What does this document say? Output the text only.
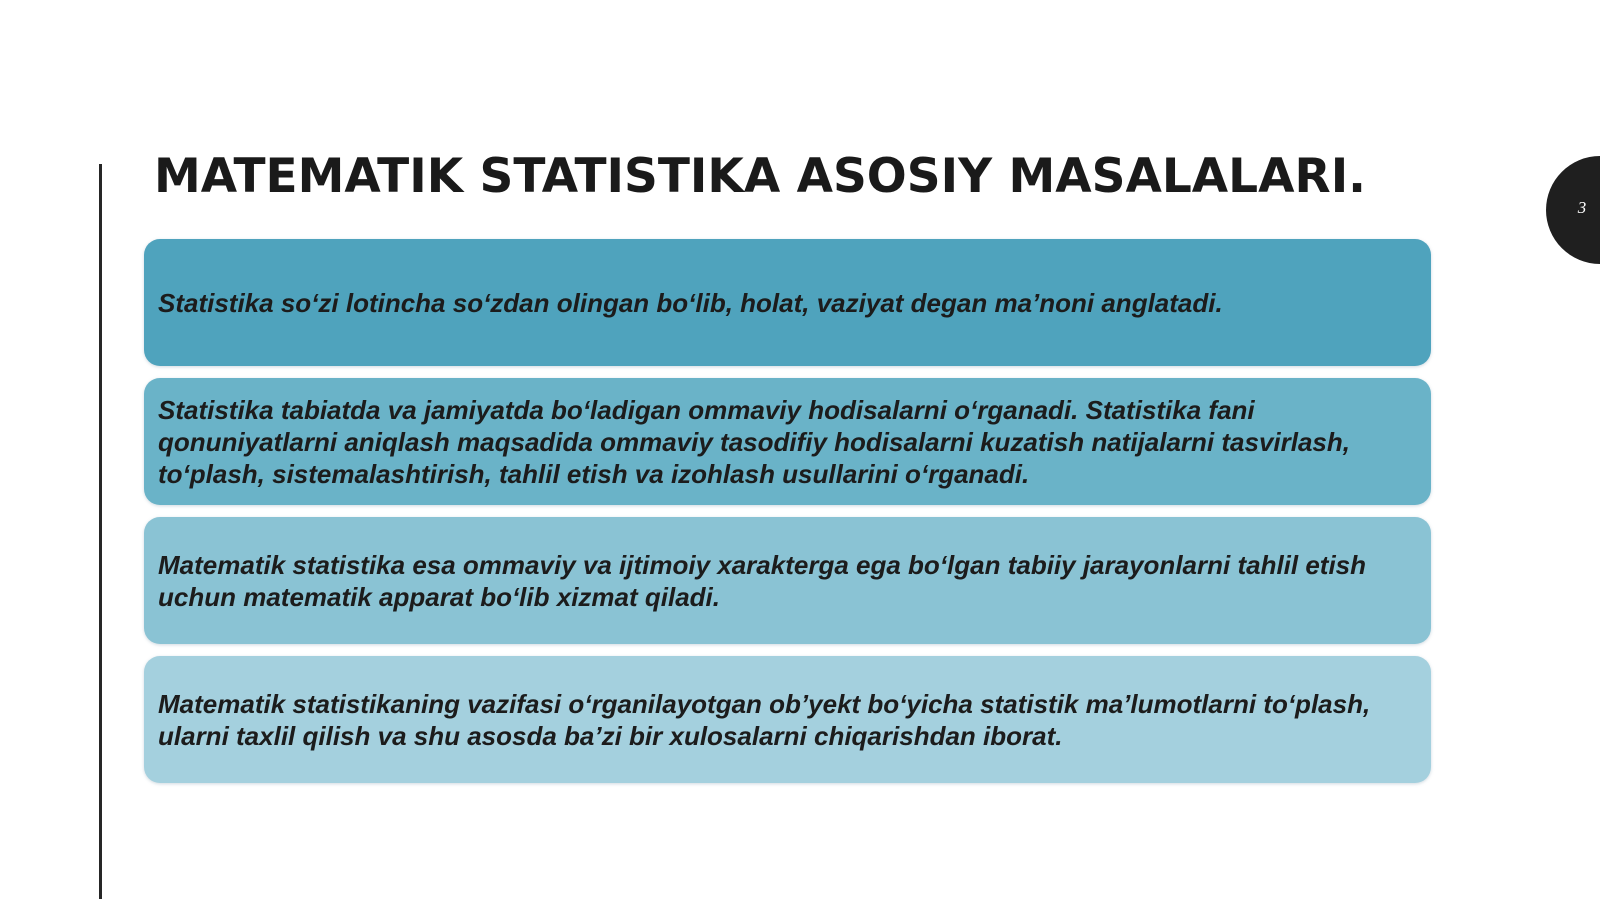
MATEMATIK STATISTIKA ASOSIY MASALALARI.
3
Statistika so‘zi lotincha so‘zdan olingan bo‘lib, holat, vaziyat degan ma’noni anglatadi.
Statistika tabiatda va jamiyatda bo‘ladigan ommaviy hodisalarni o‘rganadi. Statistika fani qonuniyatlarni aniqlash maqsadida ommaviy tasodifiy hodisalarni kuzatish natijalarni tasvirlash, to‘plash, sistemalashtirish, tahlil etish va izohlash usullarini o‘rganadi.
Matematik statistika esa ommaviy va ijtimoiy xarakterga ega bo‘lgan tabiiy jarayonlarni tahlil etish uchun matematik apparat bo‘lib xizmat qiladi.
Matematik statistikaning vazifasi o‘rganilayotgan ob’yekt bo‘yicha statistik ma’lumotlarni to‘plash, ularni taxlil qilish va shu asosda ba’zi bir xulosalarni chiqarishdan iborat.
